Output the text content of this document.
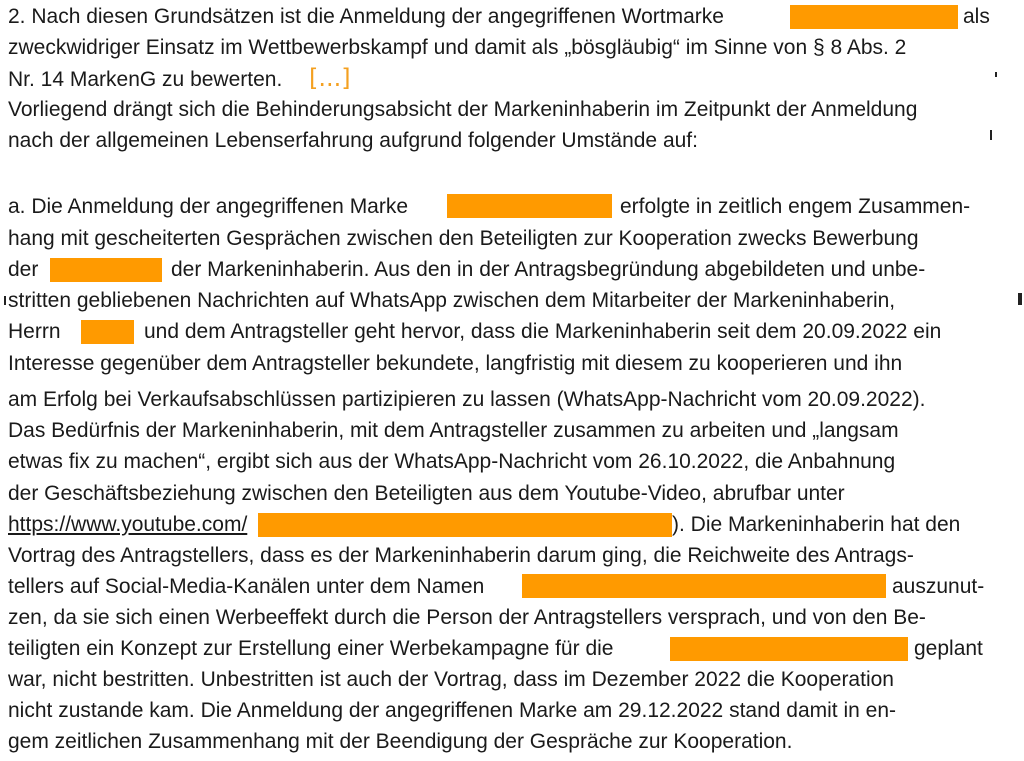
2. Nach diesen Grundsätzen ist die Anmeldung der angegriffenen Wortmarke	als
zweckwidriger Einsatz im Wettbewerbskampf und damit als „bösgläubig“ im Sinne von § 8 Abs. 2
Nr. 14 MarkenG zu bewerten. [...]
Vorliegend drängt sich die Behinderungsabsicht der Markeninhaberin im Zeitpunkt der Anmeldung
nach der allgemeinen Lebenserfahrung aufgrund folgender Umstände auf:
a. Die Anmeldung der angegriffenen Marke	erfolgte in zeitlich engem Zusammen-
hang mit gescheiterten Gesprächen zwischen den Beteiligten zur Kooperation zwecks Bewerbung
der	der Markeninhaberin. Aus den in der Antragsbegründung abgebildeten und unbe-
stritten gebliebenen Nachrichten auf WhatsApp zwischen dem Mitarbeiter der Markeninhaberin,
Herrn	und dem Antragsteller geht hervor, dass die Markeninhaberin seit dem 20.09.2022 ein
Interesse gegenüber dem Antragsteller bekundete, langfristig mit diesem zu kooperieren und ihn
am Erfolg bei Verkaufsabschlüssen partizipieren zu lassen (WhatsApp-Nachricht vom 20.09.2022).
Das Bedürfnis der Markeninhaberin, mit dem Antragsteller zusammen zu arbeiten und „langsam
etwas fix zu machen“, ergibt sich aus der WhatsApp-Nachricht vom 26.10.2022, die Anbahnung
der Geschäftsbeziehung zwischen den Beteiligten aus dem Youtube-Video, abrufbar unter
https://www.youtube.com/	). Die Markeninhaberin hat den
Vortrag des Antragstellers, dass es der Markeninhaberin darum ging, die Reichweite des Antrags-
tellers auf Social-Media-Kanälen unter dem Namen	auszunut-
zen, da sie sich einen Werbeeffekt durch die Person der Antragstellers versprach, und von den Be-
teiligten ein Konzept zur Erstellung einer Werbekampagne für die	geplant
war, nicht bestritten. Unbestritten ist auch der Vortrag, dass im Dezember 2022 die Kooperation
nicht zustande kam. Die Anmeldung der angegriffenen Marke am 29.12.2022 stand damit in en-
gem zeitlichen Zusammenhang mit der Beendigung der Gespräche zur Kooperation.
